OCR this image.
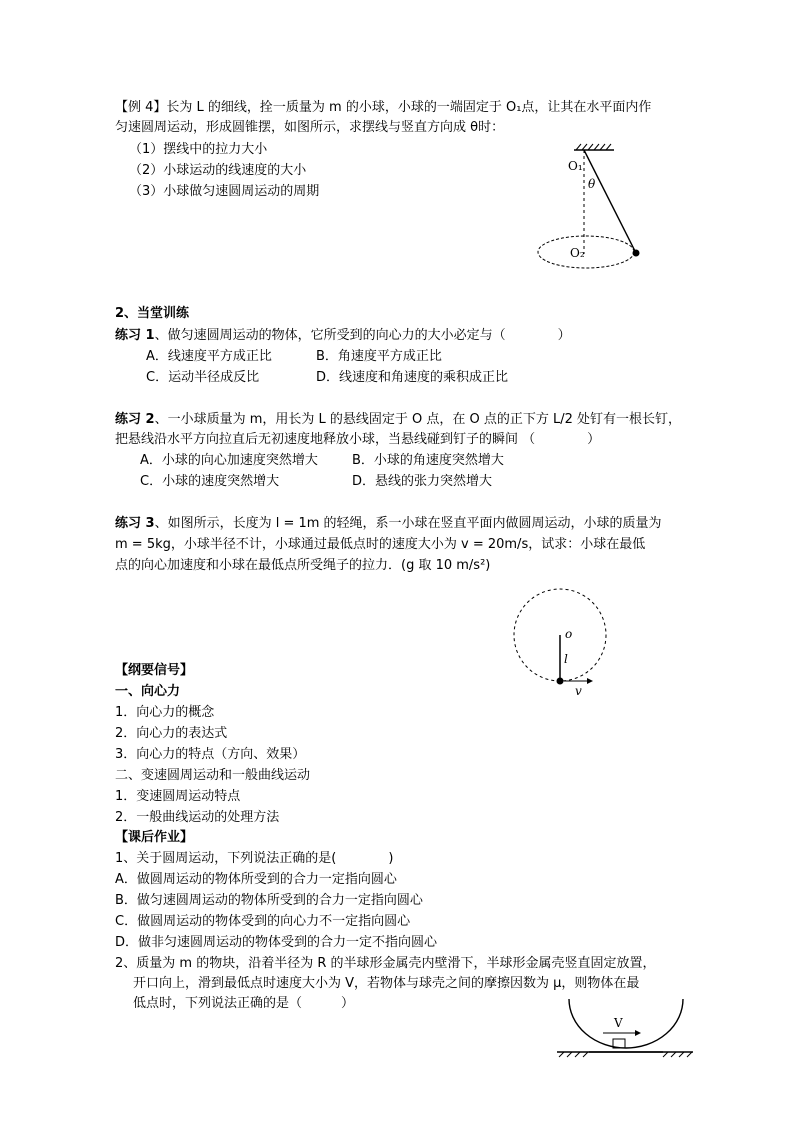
【例 4】长为 L 的细线，拴一质量为 m 的小球，小球的一端固定于 O₁点，让其在水平面内作
匀速圆周运动，形成圆锥摆，如图所示，求摆线与竖直方向成 θ时：
（1）摆线中的拉力大小
（2）小球运动的线速度的大小
（3）小球做匀速圆周运动的周期
O₁
θ
O₂
2、当堂训练
练习 1、做匀速圆周运动的物体，它所受到的向心力的大小必定与（　　　　）
A．线速度平方成正比	B．角速度平方成正比
C．运动半径成反比	D．线速度和角速度的乘积成正比
练习 2、一小球质量为 m，用长为 L 的悬线固定于 O 点，在 O 点的正下方 L/2 处钉有一根长钉，
把悬线沿水平方向拉直后无初速度地释放小球，当悬线碰到钉子的瞬间 （　　　　）
A．小球的向心加速度突然增大	B．小球的角速度突然增大
C．小球的速度突然增大	D．悬线的张力突然增大
练习 3、如图所示，长度为 l = 1m 的轻绳，系一小球在竖直平面内做圆周运动，小球的质量为
m = 5kg，小球半径不计，小球通过最低点时的速度大小为 v = 20m/s，试求：小球在最低
点的向心加速度和小球在最低点所受绳子的拉力．(g 取 10 m/s²)
o
l
v
【纲要信号】
一、向心力
1．向心力的概念
2．向心力的表达式
3．向心力的特点（方向、效果）
二、变速圆周运动和一般曲线运动
1．变速圆周运动特点
2．一般曲线运动的处理方法
【课后作业】
1、关于圆周运动，下列说法正确的是(　　　　)
A．做圆周运动的物体所受到的合力一定指向圆心
B．做匀速圆周运动的物体所受到的合力一定指向圆心
C．做圆周运动的物体受到的向心力不一定指向圆心
D．做非匀速圆周运动的物体受到的合力一定不指向圆心
2、质量为 m 的物块，沿着半径为 R 的半球形金属壳内壁滑下，半球形金属壳竖直固定放置，
开口向上，滑到最低点时速度大小为 V，若物体与球壳之间的摩擦因数为 μ，则物体在最
低点时，下列说法正确的是（　　　）
V
